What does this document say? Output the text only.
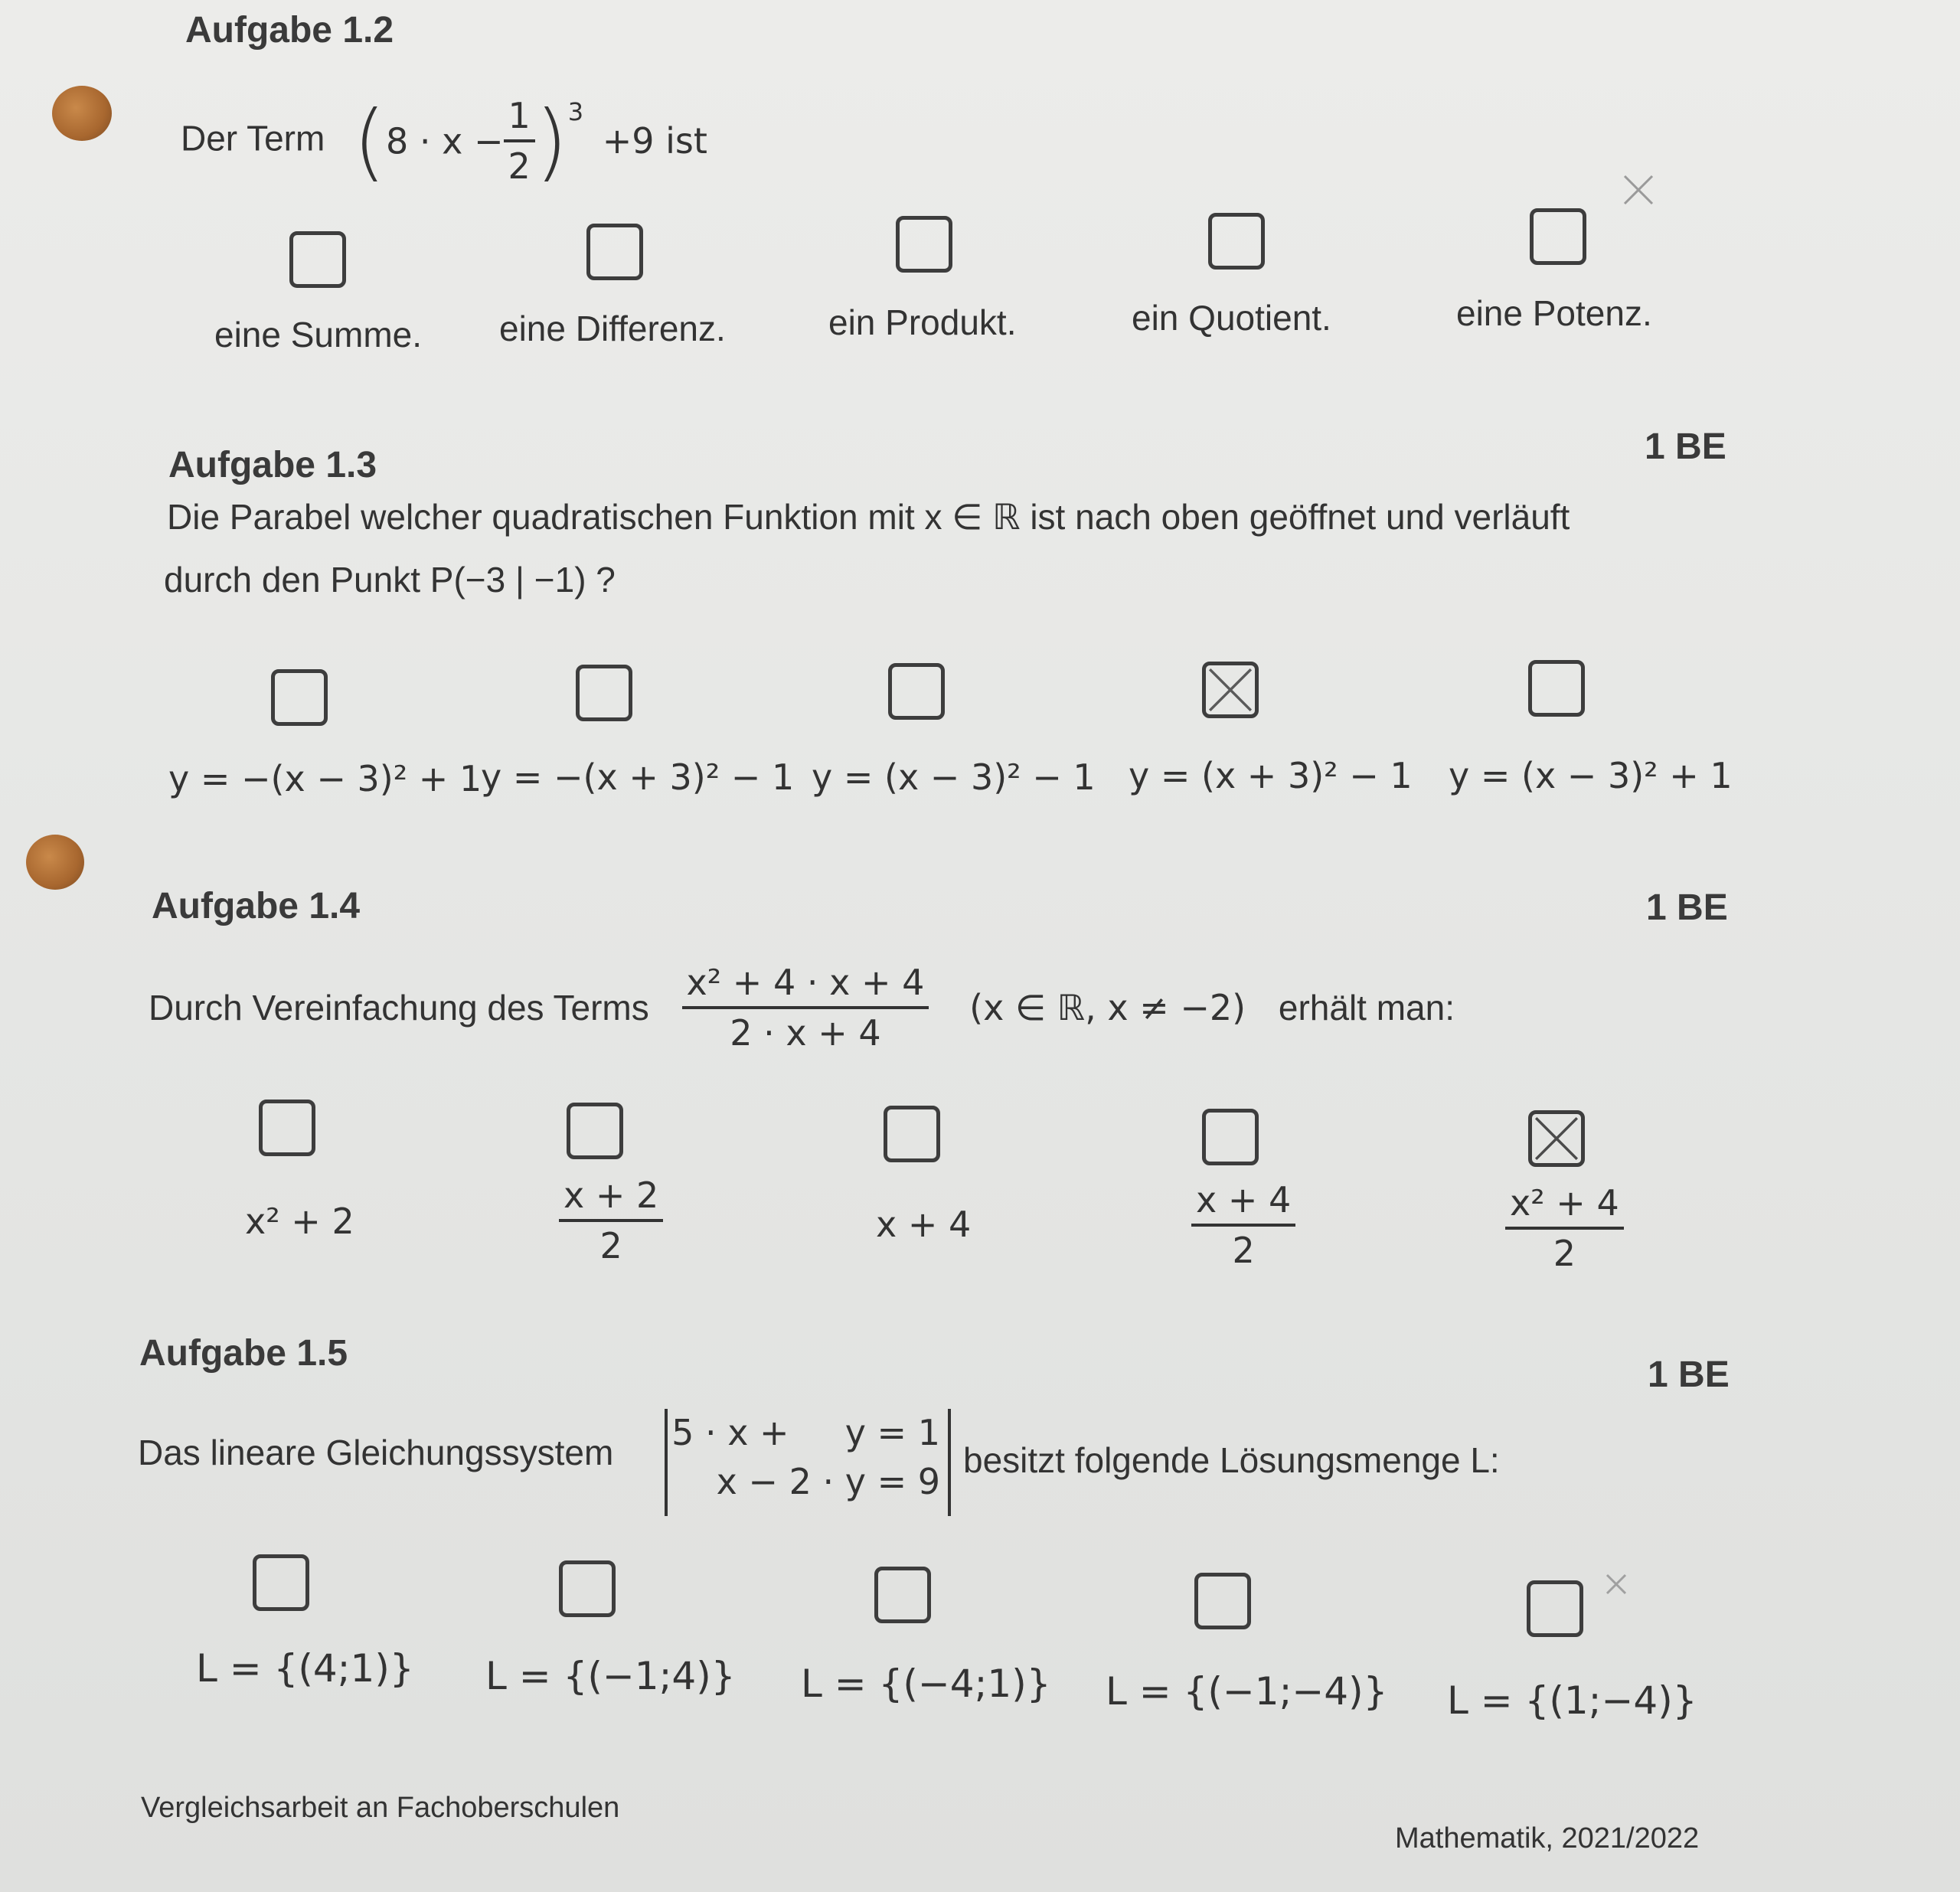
Aufgabe 1.2
Der Term $(8 \cdot x - \frac{1}{2} )^3 +9$ ist
eine Summe. eine Differenz.	ein Produkt.	ein Quotient.	eine Potenz.
Aufgabe 1.3	1 BE
Die Parabel welcher quadratischen Funktion mit x ∈ ℝ ist nach oben geöffnet und verläuft
durch den Punkt P(−3 | −1) ?
y = −(x − 3)² + 1
y = −(x + 3)² − 1 y = (x − 3)² − 1 y = (x + 3)² − 1 y = (x − 3)² + 1
Aufgabe 1.4	1 BE
Durch Vereinfachung des Terms $\frac{\text{x² + 4 · x + 4}}{2 \cdot x + 4} (x$ ∈ ℝ, x ≠ −2) erhält man:
x² + 2	$\frac{x + 2}{2}$	x + 4	$\frac{x + 4}{2}$	$\frac{\text{x² + 4}}{2}$
Aufgabe 1.5
1 BE
Das lineare Gleichungssystem 5 · x +     y = 1
x − 2 · y = 9
besitzt folgende Lösungsmenge L:
L = {(4;1)} L = {(−1;4)} L = {(−4;1)} L = {(−1;−4)} L = {(1;−4)}
Vergleichsarbeit an Fachoberschulen
Mathematik, 2021/2022
